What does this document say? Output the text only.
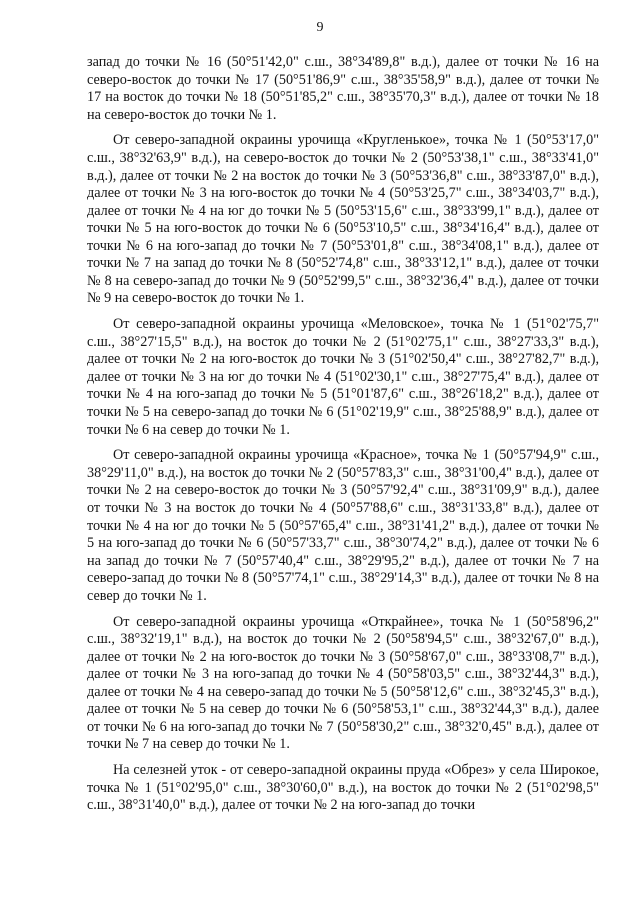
9

запад до точки № 16 (50°51'42,0" с.ш., 38°34'89,8" в.д.), далее от точки № 16 на северо-восток до точки № 17 (50°51'86,9" с.ш., 38°35'58,9" в.д.), далее от точки № 17 на восток до точки № 18 (50°51'85,2" с.ш., 38°35'70,3" в.д.), далее от точки № 18 на северо-восток до точки № 1.

От северо-западной окраины урочища «Кругленькое», точка № 1 (50°53'17,0" с.ш., 38°32'63,9" в.д.), на северо-восток до точки № 2 (50°53'38,1" с.ш., 38°33'41,0" в.д.), далее от точки № 2 на восток до точки № 3 (50°53'36,8" с.ш., 38°33'87,0" в.д.), далее от точки № 3 на юго-восток до точки № 4 (50°53'25,7" с.ш., 38°34'03,7" в.д.), далее от точки № 4 на юг до точки № 5 (50°53'15,6" с.ш., 38°33'99,1" в.д.), далее от точки № 5 на юго-восток до точки № 6 (50°53'10,5" с.ш., 38°34'16,4" в.д.), далее от точки № 6 на юго-запад до точки № 7 (50°53'01,8" с.ш., 38°34'08,1" в.д.), далее от точки № 7 на запад до точки № 8 (50°52'74,8" с.ш., 38°33'12,1" в.д.), далее от точки № 8 на северо-запад до точки № 9 (50°52'99,5" с.ш., 38°32'36,4" в.д.), далее от точки № 9 на северо-восток до точки № 1.

От северо-западной окраины урочища «Меловское», точка № 1 (51°02'75,7" с.ш., 38°27'15,5" в.д.), на восток до точки № 2 (51°02'75,1" с.ш., 38°27'33,3" в.д.), далее от точки № 2 на юго-восток до точки № 3 (51°02'50,4" с.ш., 38°27'82,7" в.д.), далее от точки № 3 на юг до точки № 4 (51°02'30,1" с.ш., 38°27'75,4" в.д.), далее от точки № 4 на юго-запад до точки № 5 (51°01'87,6" с.ш., 38°26'18,2" в.д.), далее от точки № 5 на северо-запад до точки № 6 (51°02'19,9" с.ш., 38°25'88,9" в.д.), далее от точки № 6 на север до точки № 1.

От северо-западной окраины урочища «Красное», точка № 1 (50°57'94,9" с.ш., 38°29'11,0" в.д.), на восток до точки № 2 (50°57'83,3" с.ш., 38°31'00,4" в.д.), далее от точки № 2 на северо-восток до точки № 3 (50°57'92,4" с.ш., 38°31'09,9" в.д.), далее от точки № 3 на восток до точки № 4 (50°57'88,6" с.ш., 38°31'33,8" в.д.), далее от точки № 4 на юг до точки № 5 (50°57'65,4" с.ш., 38°31'41,2" в.д.), далее от точки № 5 на юго-запад до точки № 6 (50°57'33,7" с.ш., 38°30'74,2" в.д.), далее от точки № 6 на запад до точки № 7 (50°57'40,4" с.ш., 38°29'95,2" в.д.), далее от точки № 7 на северо-запад до точки № 8 (50°57'74,1" с.ш., 38°29'14,3" в.д.), далее от точки № 8 на север до точки № 1.

От северо-западной окраины урочища «Открайнее», точка № 1 (50°58'96,2" с.ш., 38°32'19,1" в.д.), на восток до точки № 2 (50°58'94,5" с.ш., 38°32'67,0" в.д.), далее от точки № 2 на юго-восток до точки № 3 (50°58'67,0" с.ш., 38°33'08,7" в.д.), далее от точки № 3 на юго-запад до точки № 4 (50°58'03,5" с.ш., 38°32'44,3" в.д.), далее от точки № 4 на северо-запад до точки № 5 (50°58'12,6" с.ш., 38°32'45,3" в.д.), далее от точки № 5 на север до точки № 6 (50°58'53,1" с.ш., 38°32'44,3" в.д.), далее от точки № 6 на юго-запад до точки № 7 (50°58'30,2" с.ш., 38°32'0,45" в.д.), далее от точки № 7 на север до точки № 1.

На селезней уток - от северо-западной окраины пруда «Обрез» у села Широкое, точка № 1 (51°02'95,0" с.ш., 38°30'60,0" в.д.), на восток до точки № 2 (51°02'98,5" с.ш., 38°31'40,0" в.д.), далее от точки № 2 на юго-запад до точки
